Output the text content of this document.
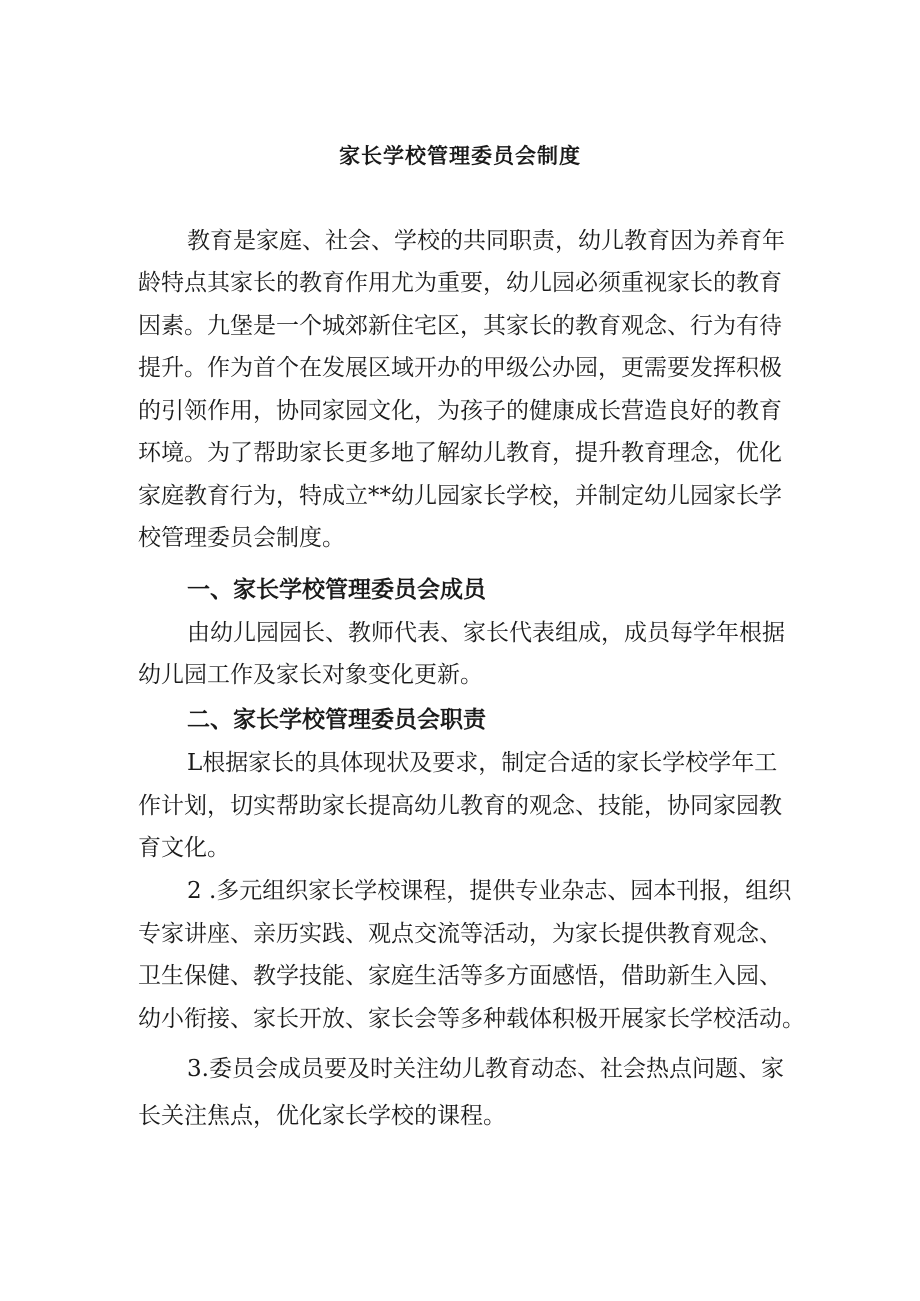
家长学校管理委员会制度

教育是家庭、社会、学校的共同职责，幼儿教育因为养育年

龄特点其家长的教育作用尤为重要，幼儿园必须重视家长的教育

因素。九堡是一个城郊新住宅区，其家长的教育观念、行为有待

提升。作为首个在发展区域开办的甲级公办园，更需要发挥积极

的引领作用，协同家园文化，为孩子的健康成长营造良好的教育

环境。为了帮助家长更多地了解幼儿教育，提升教育理念，优化

家庭教育行为，特成立**幼儿园家长学校，并制定幼儿园家长学

校管理委员会制度。

一、家长学校管理委员会成员

由幼儿园园长、教师代表、家长代表组成，成员每学年根据

幼儿园工作及家长对象变化更新。

二、家长学校管理委员会职责

L根据家长的具体现状及要求，制定合适的家长学校学年工

作计划，切实帮助家长提高幼儿教育的观念、技能，协同家园教

育文化。

2 .多元组织家长学校课程，提供专业杂志、园本刊报，组织

专家讲座、亲历实践、观点交流等活动，为家长提供教育观念、

卫生保健、教学技能、家庭生活等多方面感悟，借助新生入园、

幼小衔接、家长开放、家长会等多种载体积极开展家长学校活动。

3.委员会成员要及时关注幼儿教育动态、社会热点问题、家

长关注焦点，优化家长学校的课程。
